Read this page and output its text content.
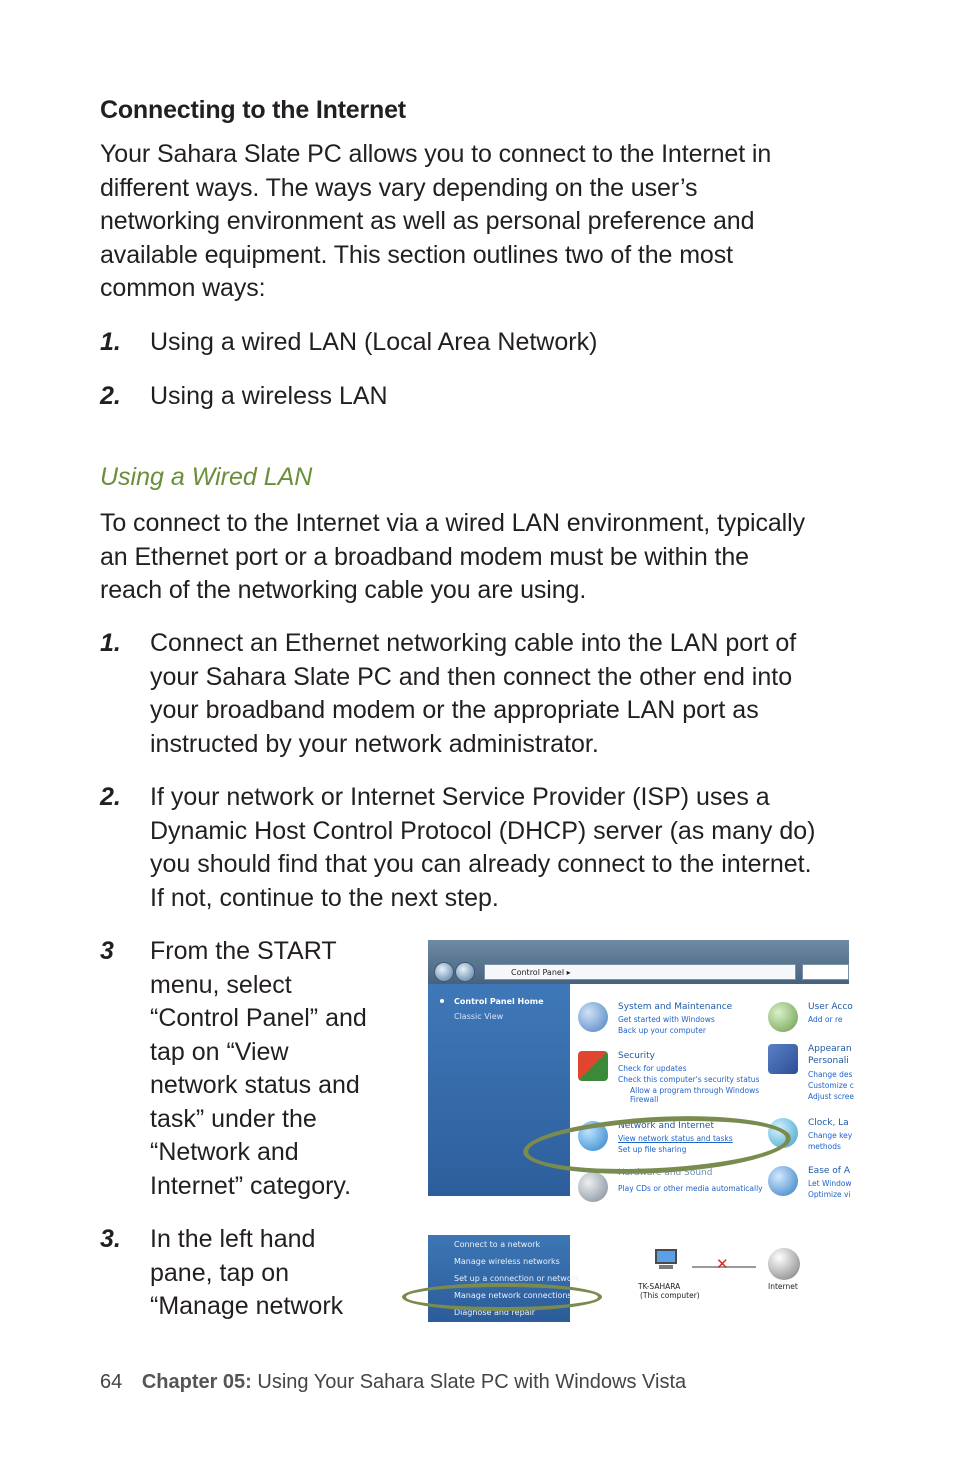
Connecting to the Internet

Your Sahara Slate PC allows you to connect to the Internet in
different ways. The ways vary depending on the user’s
networking environment as well as personal preference and
available equipment. This section outlines two of the most
common ways:

1. Using a wired LAN (Local Area Network)
2. Using a wireless LAN
Using a Wired LAN

To connect to the Internet via a wired LAN environment, typically
an Ethernet port or a broadband modem must be within the
reach of the networking cable you are using.

1. Connect an Ethernet networking cable into the LAN port of
your Sahara Slate PC and then connect the other end into
your broadband modem or the appropriate LAN port as
instructed by your network administrator.
2. If your network or Internet Service Provider (ISP) uses a
Dynamic Host Control Protocol (DHCP) server (as many do)
you should find that you can already connect to the internet.
If not, continue to the next step.
3 From the START
menu, select
“Control Panel” and
tap on “View
network status and
task” under the
“Network and
Internet” category.
3. In the left hand
pane, tap on
“Manage network
Control Panel ▸
Control Panel Home
Classic View
System and Maintenance
Get started with Windows
Back up your computer
Security
Check for updates
Check this computer's security status
Allow a program through Windows
Firewall
Network and Internet
View network status and tasks
Set up file sharing
Hardware and Sound
Play CDs or other media automatically
User Acco
Add or re
Appearan
Personali
Change des
Customize c
Adjust scree
Clock, La
Change key
methods
Ease of A
Let Window
Optimize vi
Connect to a network
Manage wireless networks
Set up a connection or network
Manage network connections
Diagnose and repair
TK-SAHARA
(This computer)
✕
Internet
64 Chapter 05: Using Your Sahara Slate PC with Windows Vista
